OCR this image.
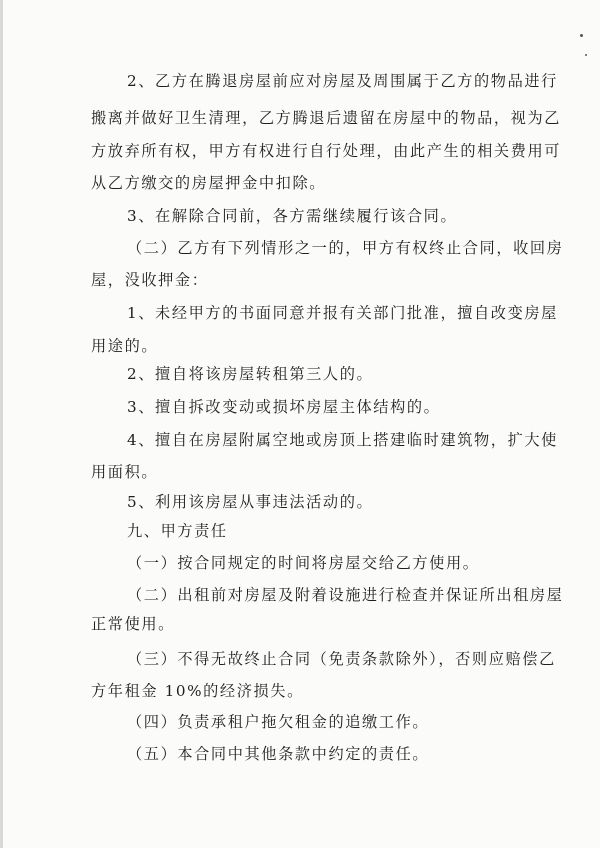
2、乙方在腾退房屋前应对房屋及周围属于乙方的物品进行
搬离并做好卫生清理，乙方腾退后遗留在房屋中的物品，视为乙
方放弃所有权，甲方有权进行自行处理，由此产生的相关费用可
从乙方缴交的房屋押金中扣除。
3、在解除合同前，各方需继续履行该合同。
（二）乙方有下列情形之一的，甲方有权终止合同，收回房
屋，没收押金：
1、未经甲方的书面同意并报有关部门批准，擅自改变房屋
用途的。
2、擅自将该房屋转租第三人的。
3、擅自拆改变动或损坏房屋主体结构的。
4、擅自在房屋附属空地或房顶上搭建临时建筑物，扩大使
用面积。
5、利用该房屋从事违法活动的。
九、甲方责任
（一）按合同规定的时间将房屋交给乙方使用。
（二）出租前对房屋及附着设施进行检查并保证所出租房屋
正常使用。
（三）不得无故终止合同（免责条款除外），否则应赔偿乙
方年租金 10%的经济损失。
（四）负责承租户拖欠租金的追缴工作。
（五）本合同中其他条款中约定的责任。
